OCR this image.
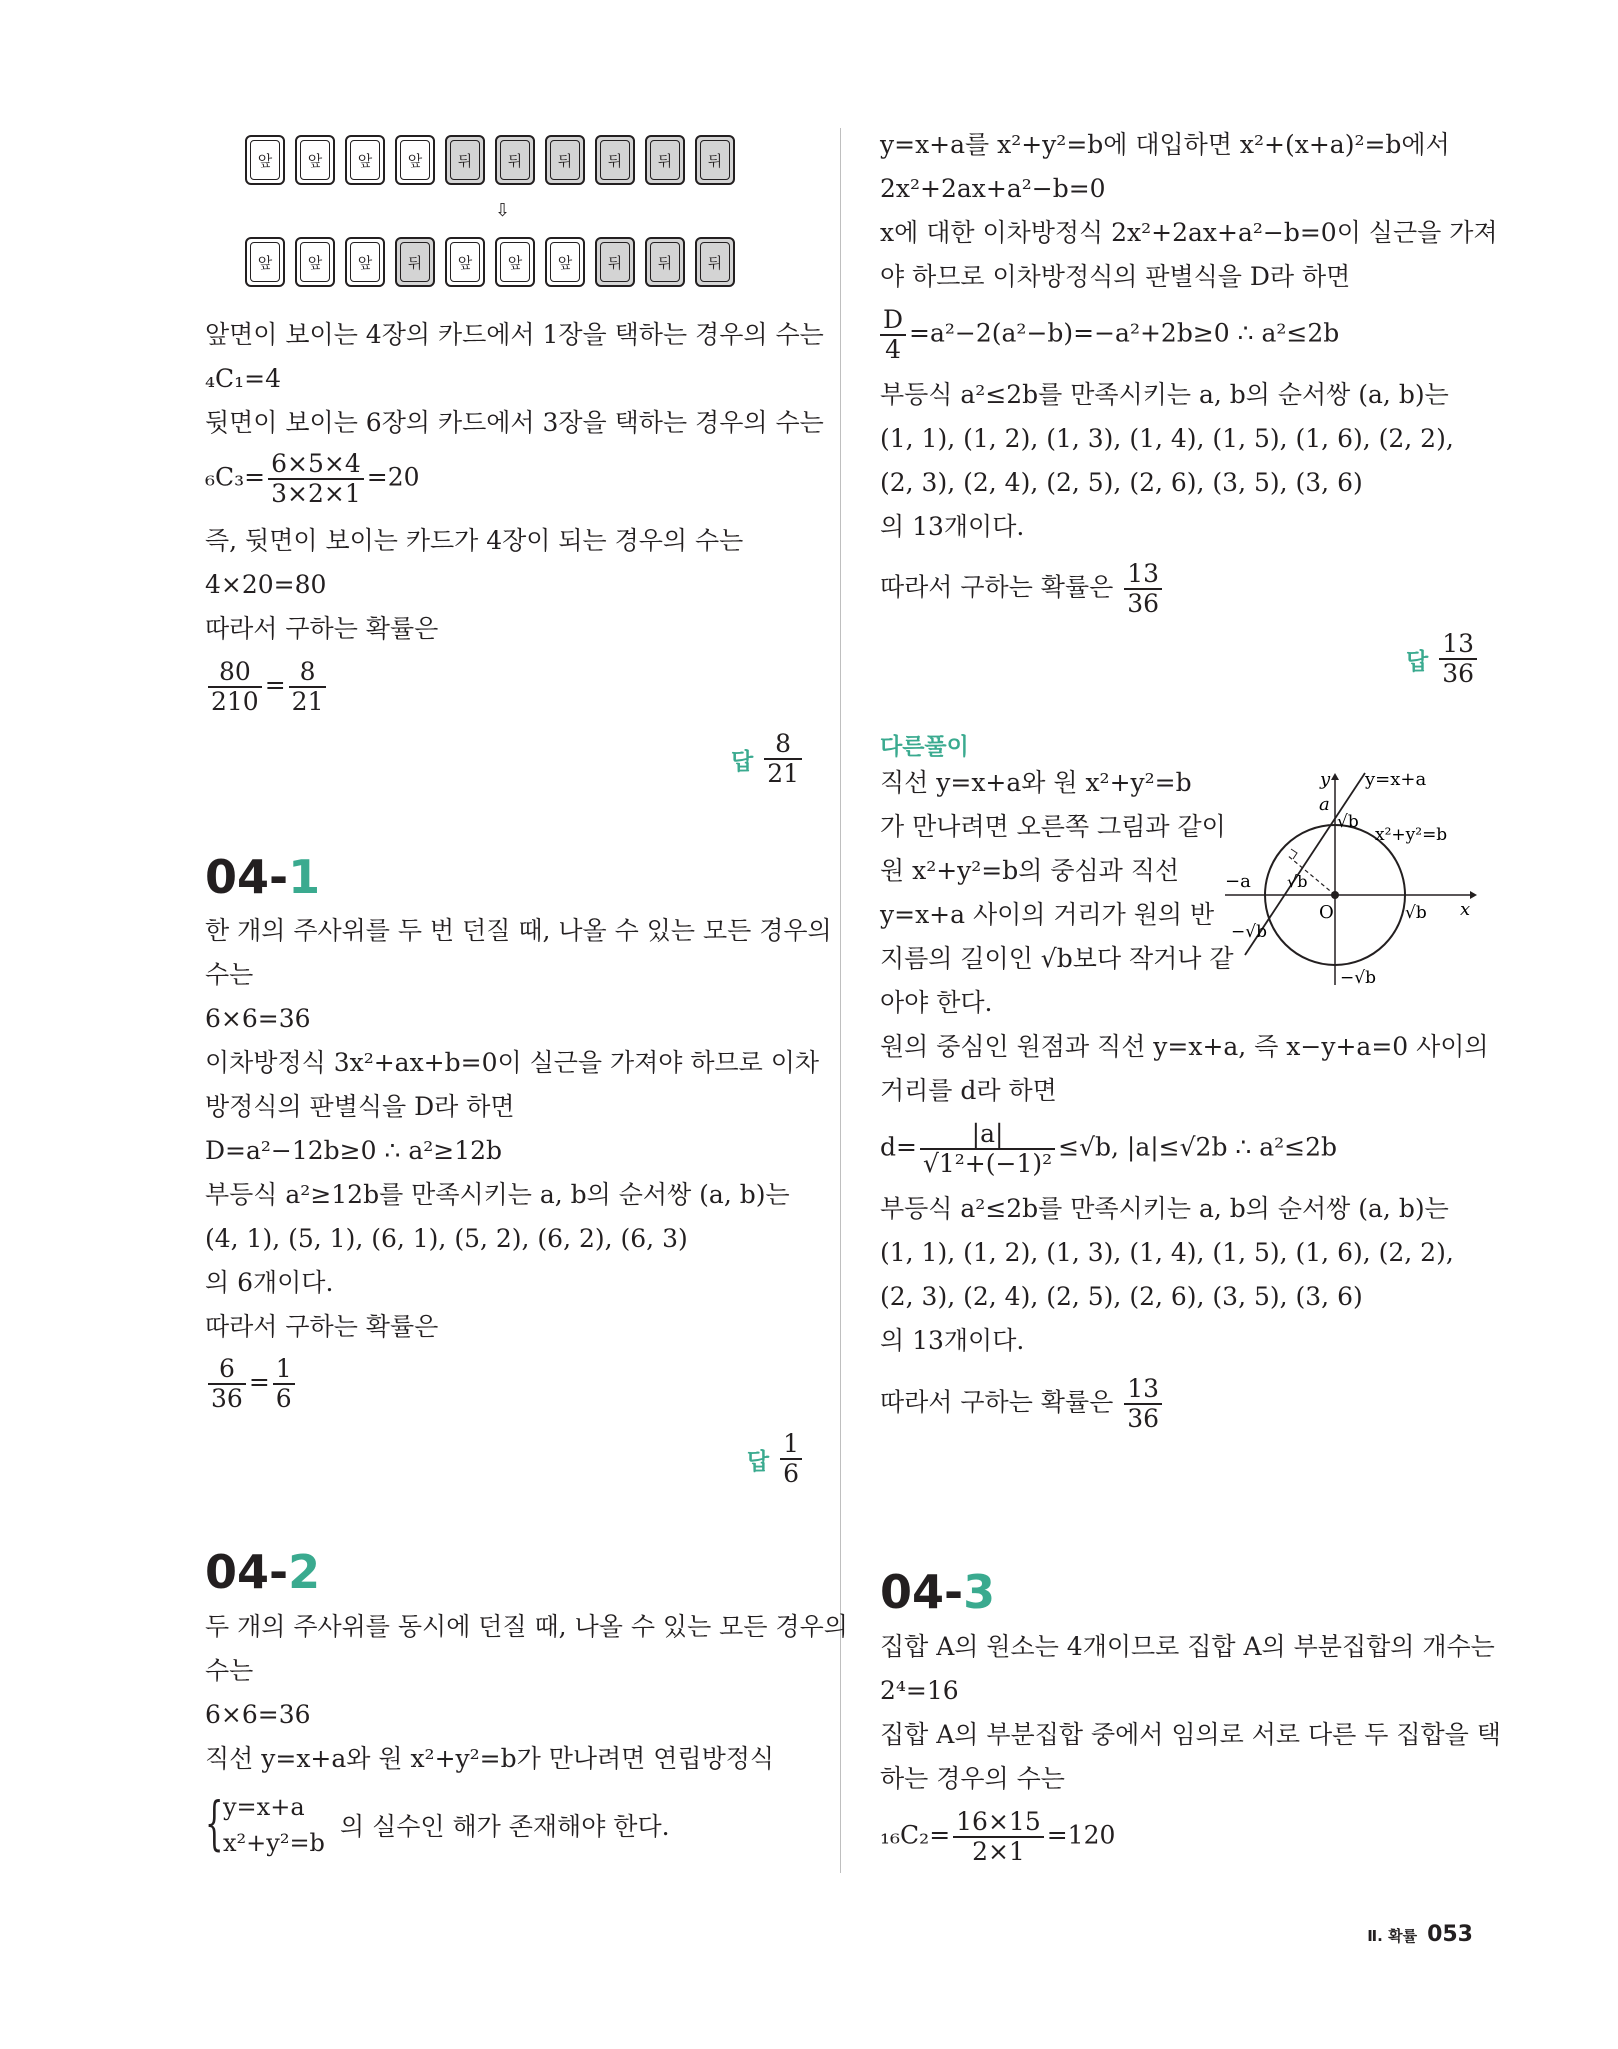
앞	앞	앞	앞	뒤	뒤	뒤	뒤	뒤	뒤
⇩
앞	앞	앞	뒤	앞	앞	앞	뒤	뒤	뒤
앞면이 보이는 4장의 카드에서 1장을 택하는 경우의 수는
₄C₁=4
뒷면이 보이는 6장의 카드에서 3장을 택하는 경우의 수는
$_6C_3= \frac{6\times 5\times 4}{3\times 2\times 1} =20$
즉, 뒷면이 보이는 카드가 4장이 되는 경우의 수는
4×20=80
따라서 구하는 확률은
$\frac{80}{210} = \frac{8}{21}$
답 $\frac{8}{21}$
04-1
한 개의 주사위를 두 번 던질 때, 나올 수 있는 모든 경우의
수는
6×6=36
이차방정식 3x²+ax+b=0이 실근을 가져야 하므로 이차
방정식의 판별식을 D라 하면
D=a²−12b≥0 ∴ a²≥12b
부등식 a²≥12b를 만족시키는 a, b의 순서쌍 (a, b)는
(4, 1), (5, 1), (6, 1), (5, 2), (6, 2), (6, 3)
의 6개이다.
따라서 구하는 확률은
$\frac{6}{36} = \frac{1}{6}$
답 $\frac{1}{6}$
04-2
두 개의 주사위를 동시에 던질 때, 나올 수 있는 모든 경우의
수는
6×6=36
직선 y=x+a와 원 x²+y²=b가 만나려면 연립방정식
{ y=x+a
x²+y²=b
의 실수인 해가 존재해야 한다.
y=x+a를 x²+y²=b에 대입하면 x²+(x+a)²=b에서
2x²+2ax+a²−b=0
x에 대한 이차방정식 2x²+2ax+a²−b=0이 실근을 가져
야 하므로 이차방정식의 판별식을 D라 하면
$\frac{D}{4} =a^2-2(a^2-b)=-a^2+2b\ge 0$ ∴ a²≤2b
부등식 a²≤2b를 만족시키는 a, b의 순서쌍 (a, b)는
(1, 1), (1, 2), (1, 3), (1, 4), (1, 5), (1, 6), (2, 2),
(2, 3), (2, 4), (2, 5), (2, 6), (3, 5), (3, 6)
의 13개이다.
따라서 구하는 확률은 $\frac{13}{36}$
답 $\frac{13}{36}$
다른풀이
직선 y=x+a와 원 x²+y²=b
가 만나려면 오른쪽 그림과 같이
원 x²+y²=b의 중심과 직선
y=x+a 사이의 거리가 원의 반
지름의 길이인 √b보다 작거나 같
아야 한다.
y y=x+a
a
√b
x²+y²=b
−a √b
O	√b x
−√b
−√b
원의 중심인 원점과 직선 y=x+a, 즉 x−y+a=0 사이의
거리를 d라 하면
$d= \frac{|a|}{\text{√1²+(−1)²}} \le√b$, |a|≤√2b ∴ a²≤2b
부등식 a²≤2b를 만족시키는 a, b의 순서쌍 (a, b)는
(1, 1), (1, 2), (1, 3), (1, 4), (1, 5), (1, 6), (2, 2),
(2, 3), (2, 4), (2, 5), (2, 6), (3, 5), (3, 6)
의 13개이다.
따라서 구하는 확률은 $\frac{13}{36}$
04-3
집합 A의 원소는 4개이므로 집합 A의 부분집합의 개수는
2⁴=16
집합 A의 부분집합 중에서 임의로 서로 다른 두 집합을 택
하는 경우의 수는
$_{16}C_2= \frac{16\times 15}{2\times 1} =120$
Ⅱ. 확률 053
